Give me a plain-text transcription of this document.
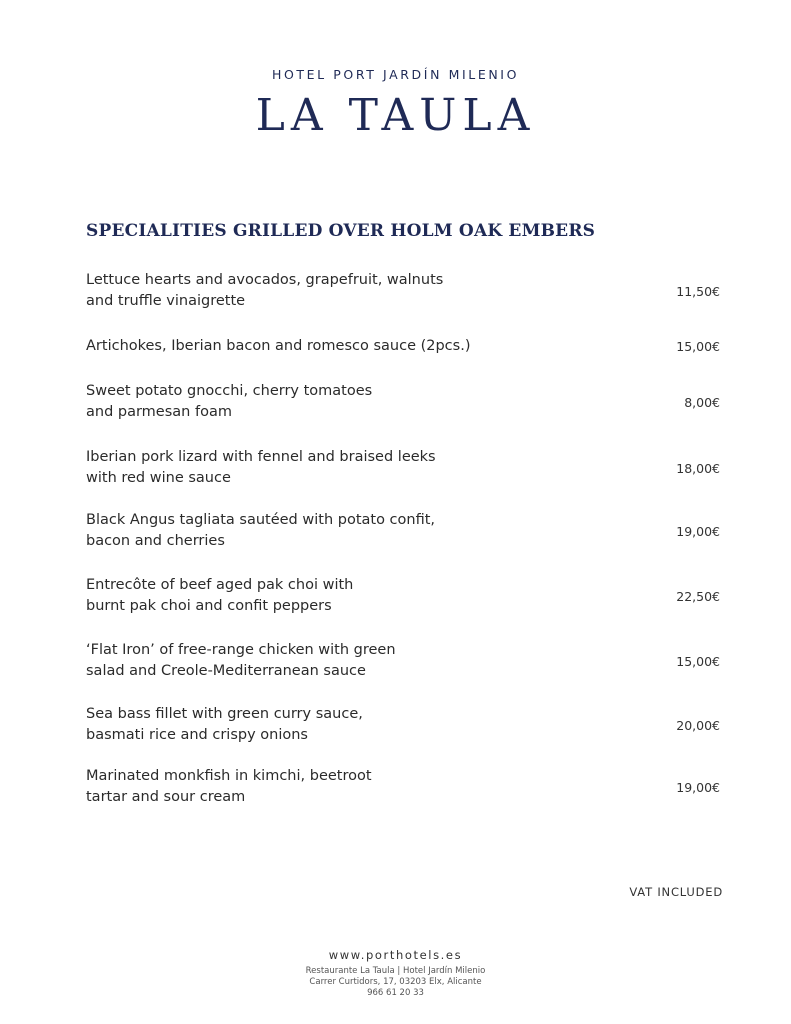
HOTEL PORT JARDÍN MILENIO
LA TAULA
SPECIALITIES GRILLED OVER HOLM OAK EMBERS
Lettuce hearts and avocados, grapefruit, walnuts
and truffle vinaigrette
11,50€
Artichokes, Iberian bacon and romesco sauce (2pcs.)	15,00€
Sweet potato gnocchi, cherry tomatoes
and parmesan foam
8,00€
Iberian pork lizard with fennel and braised leeks
with red wine sauce
18,00€
Black Angus tagliata sautéed with potato confit,
bacon and cherries
19,00€
Entrecôte of beef aged pak choi with
burnt pak choi and confit peppers
22,50€
‘Flat Iron’ of free-range chicken with green
salad and Creole-Mediterranean sauce
15,00€
Sea bass fillet with green curry sauce,
basmati rice and crispy onions
20,00€
Marinated monkfish in kimchi, beetroot
tartar and sour cream
19,00€
VAT INCLUDED
www.porthotels.es
Restaurante La Taula | Hotel Jardín Milenio
Carrer Curtidors, 17, 03203 Elx, Alicante
966 61 20 33
